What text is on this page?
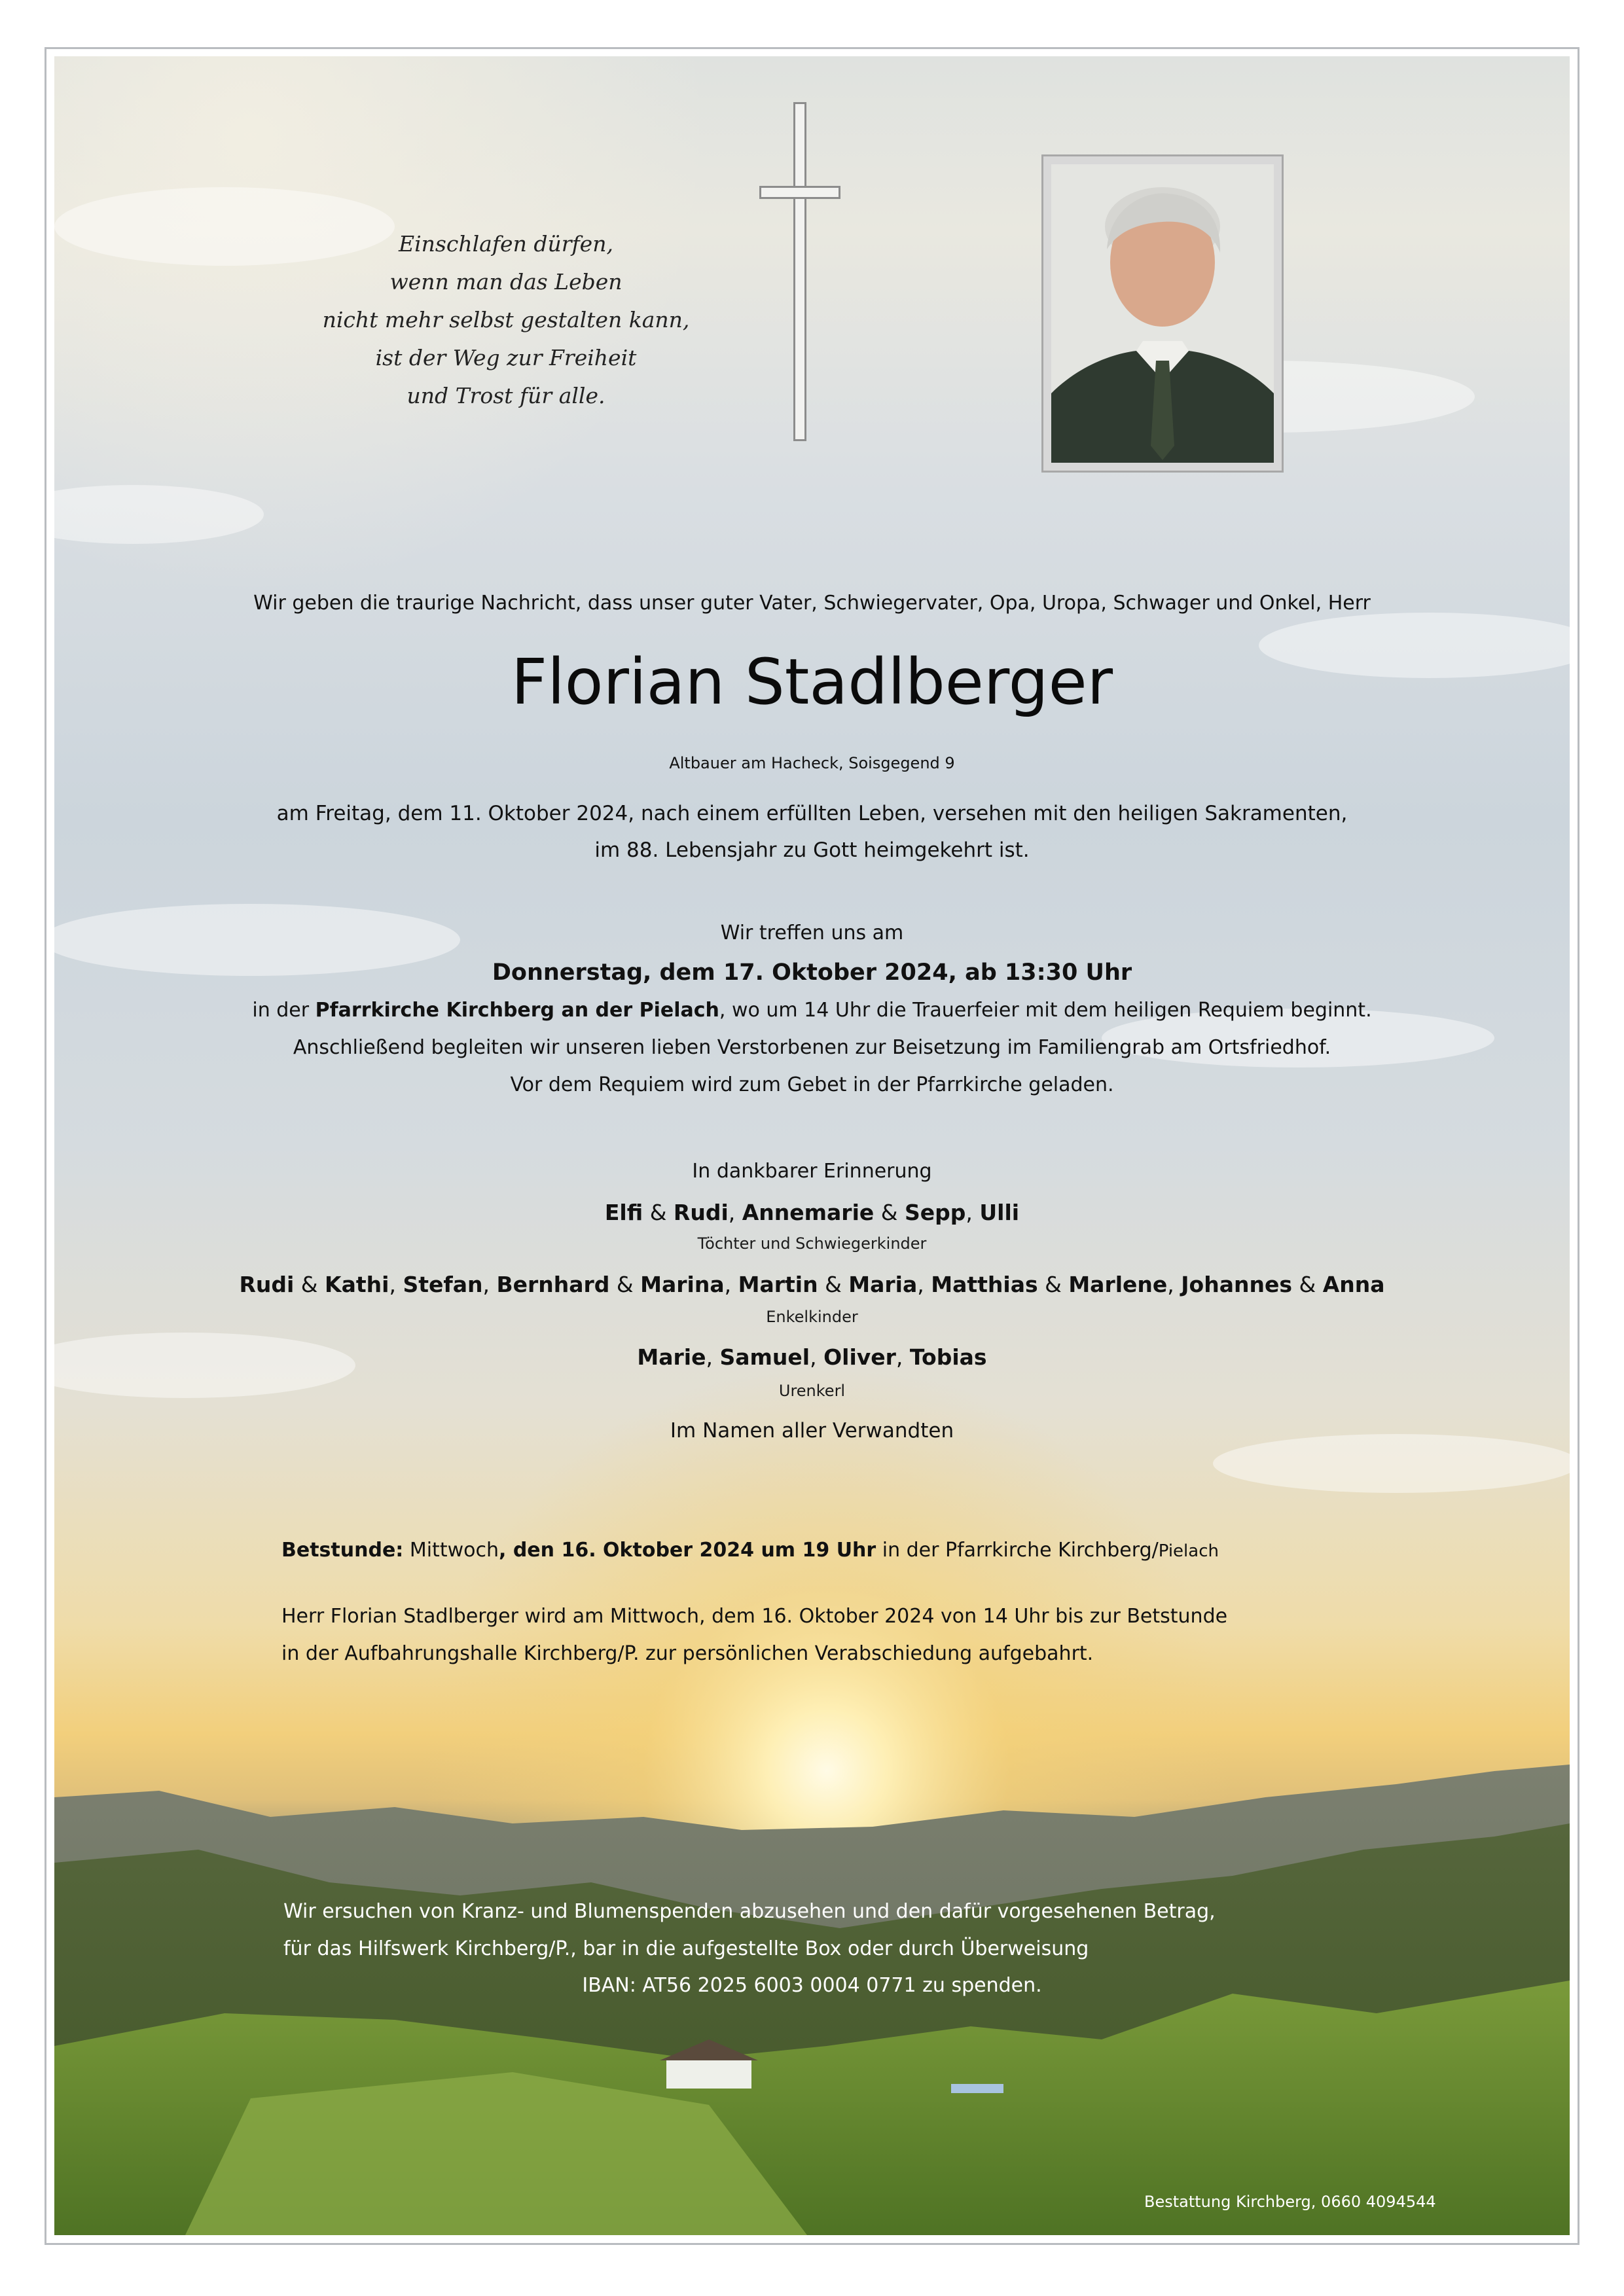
Einschlafen dürfen,
wenn man das Leben
nicht mehr selbst gestalten kann,
ist der Weg zur Freiheit
und Trost für alle.
Wir geben die traurige Nachricht, dass unser guter Vater, Schwiegervater, Opa, Uropa, Schwager und Onkel, Herr
Florian Stadlberger
Altbauer am Hacheck, Soisgegend 9
am Freitag, dem 11. Oktober 2024, nach einem erfüllten Leben, versehen mit den heiligen Sakramenten,
im 88. Lebensjahr zu Gott heimgekehrt ist.
Wir treffen uns am
Donnerstag, dem 17. Oktober 2024, ab 13:30 Uhr
in der Pfarrkirche Kirchberg an der Pielach, wo um 14 Uhr die Trauerfeier mit dem heiligen Requiem beginnt.
Anschließend begleiten wir unseren lieben Verstorbenen zur Beisetzung im Familiengrab am Ortsfriedhof.
Vor dem Requiem wird zum Gebet in der Pfarrkirche geladen.
In dankbarer Erinnerung
Elfi & Rudi, Annemarie & Sepp, Ulli
Töchter und Schwiegerkinder
Rudi & Kathi, Stefan, Bernhard & Marina, Martin & Maria, Matthias & Marlene, Johannes & Anna
Enkelkinder
Marie, Samuel, Oliver, Tobias
Urenkerl
Im Namen aller Verwandten
Betstunde: Mittwoch, den 16. Oktober 2024 um 19 Uhr in der Pfarrkirche Kirchberg/Pielach
Herr Florian Stadlberger wird am Mittwoch, dem 16. Oktober 2024 von 14 Uhr bis zur Betstunde
in der Aufbahrungshalle Kirchberg/P. zur persönlichen Verabschiedung aufgebahrt.
Wir ersuchen von Kranz- und Blumenspenden abzusehen und den dafür vorgesehenen Betrag,
für das Hilfswerk Kirchberg/P., bar in die aufgestellte Box oder durch Überweisung
IBAN: AT56 2025 6003 0004 0771 zu spenden.
Bestattung Kirchberg, 0660 4094544
